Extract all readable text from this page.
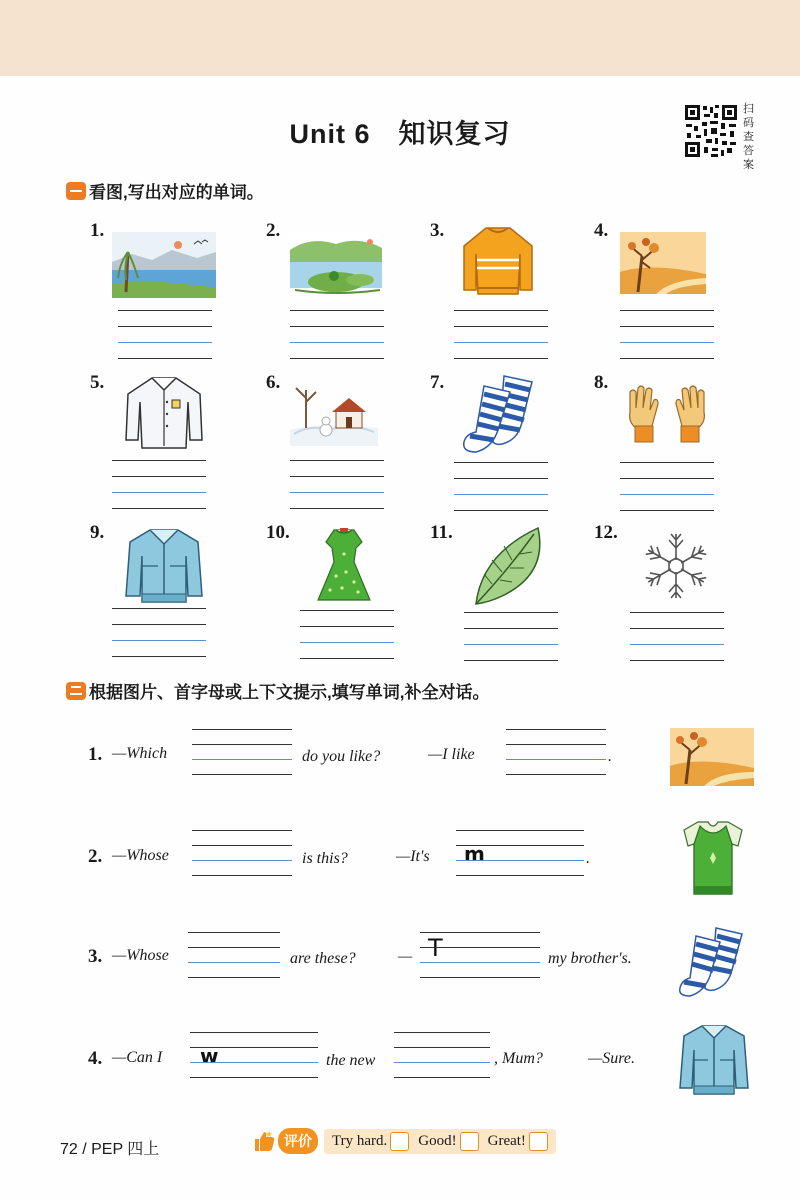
Unit 6 知识复习
扫码查答案
看图,写出对应的单词。
1.	2.	3.	4.
5.	6.	7.	8.
9.	10.	11.	12.
根据图片、首字母或上下文提示,填写单词,补全对话。
1. —Which	do you like?	—I like	.
2. —Whose	is this?	—It's m	.
3. —Whose	are these?	— T	my brother's.
4. —Can I w	the new	, Mum?	—Sure.
72 / PEP 四上	评价	Try hard. Good! Great!
